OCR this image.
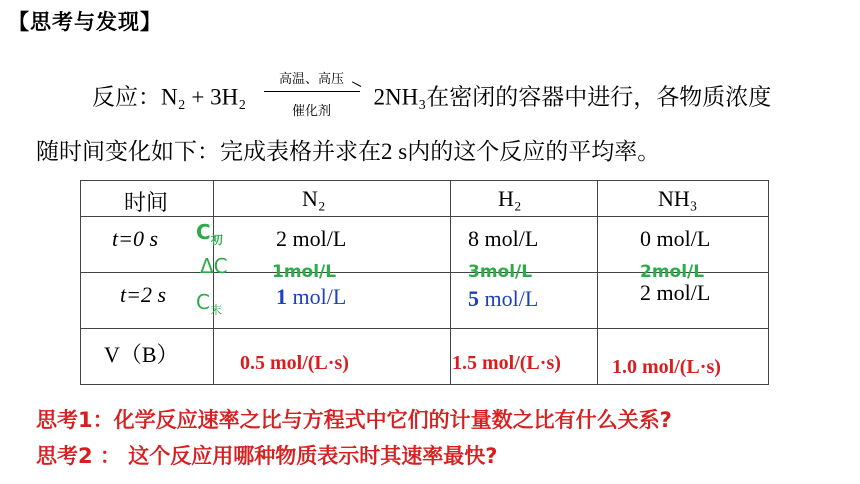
【思考与发现】
反应：N₂ + 3H₂
高温、高压
催化剂
2NH₃在密闭的容器中进行，各物质浓度
随时间变化如下：完成表格并求在2 s内的这个反应的平均率。

时间	N₂	H₂	NH₃
t=0 s	2 mol/L	8 mol/L	0 mol/L
1mol/L	3mol/L	2mol/L
$C_初$
ΔC
$C_末$
t=2 s	1 mol/L	5 mol/L	2 mol/L
V（B）	0.5 mol/(L·s)	1.5 mol/(L·s)	1.0 mol/(L·s)
思考1：化学反应速率之比与方程式中它们的计量数之比有什么关系?
思考2 ： 这个反应用哪种物质表示时其速率最快?
